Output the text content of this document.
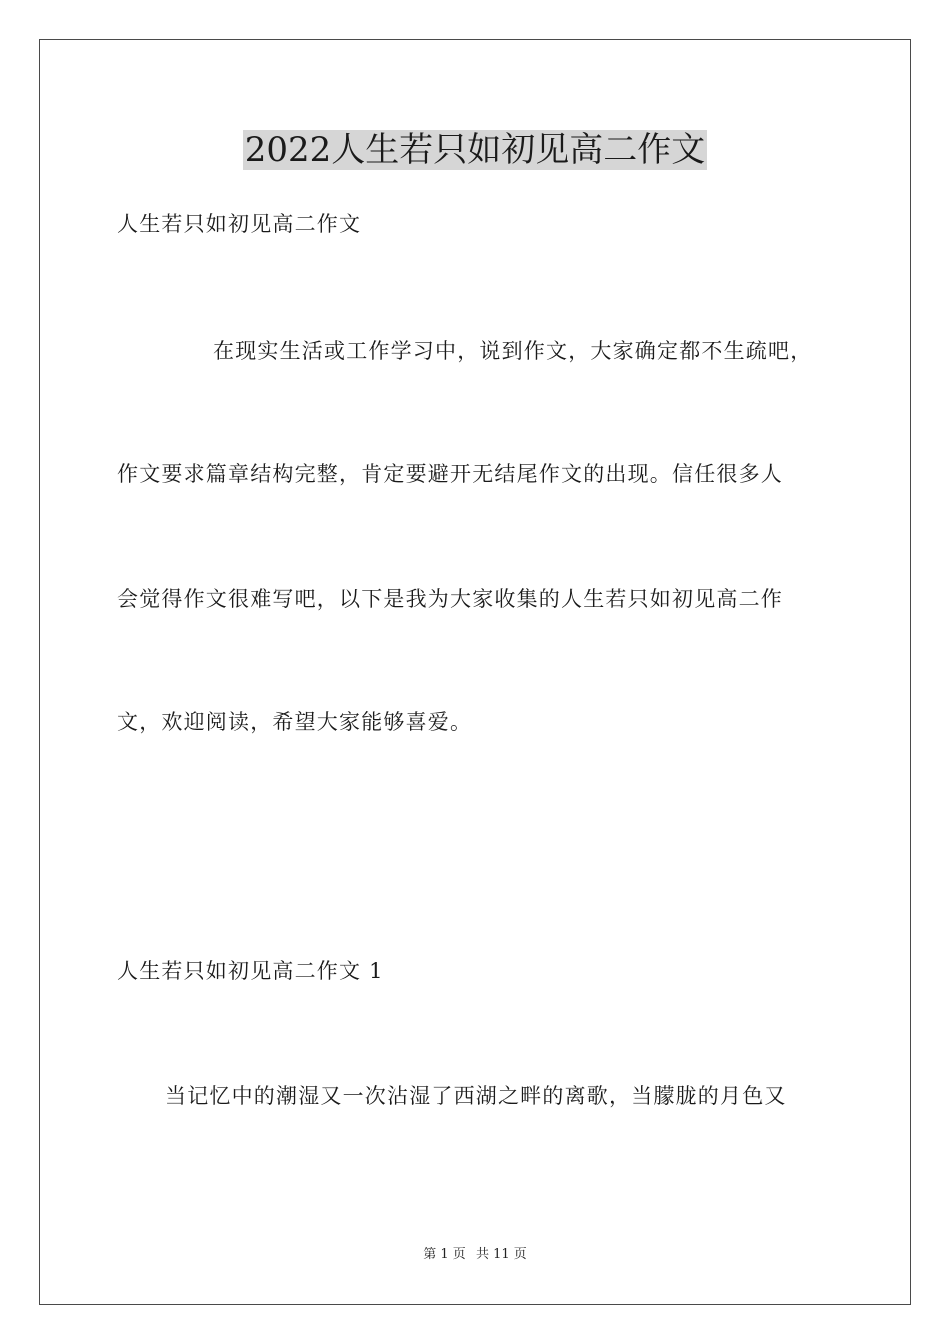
2022人生若只如初见高二作文

人生若只如初见高二作文

在现实生活或工作学习中，说到作文，大家确定都不生疏吧，

作文要求篇章结构完整，肯定要避开无结尾作文的出现。信任很多人

会觉得作文很难写吧，以下是我为大家收集的人生若只如初见高二作

文，欢迎阅读，希望大家能够喜爱。

人生若只如初见高二作文 1

当记忆中的潮湿又一次沾湿了西湖之畔的离歌，当朦胧的月色又

第 1 页 共 11 页
